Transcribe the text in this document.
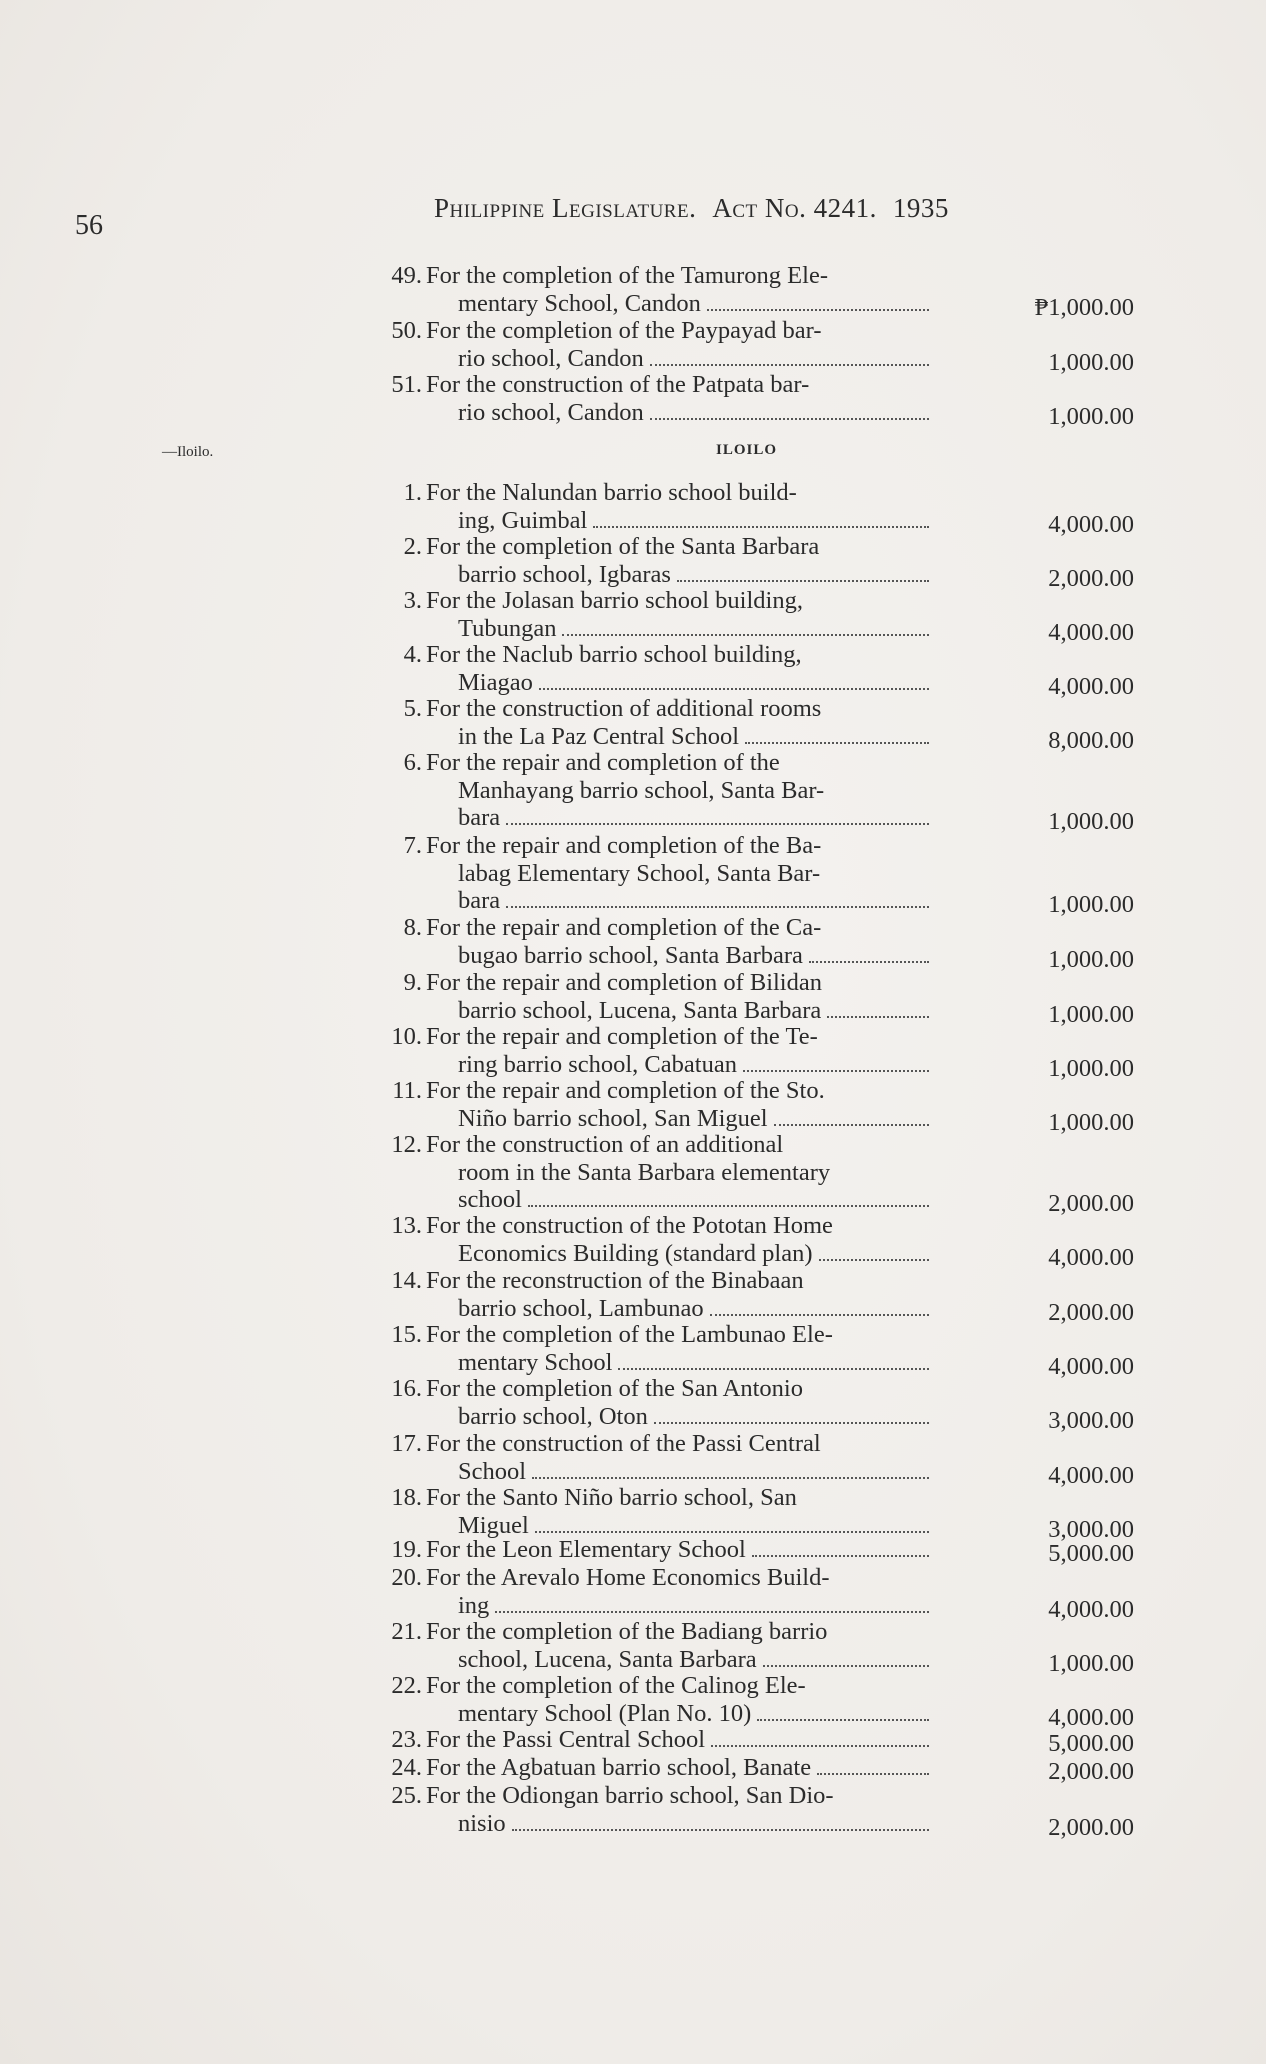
56
Philippine Legislature. Act No. 4241. 1935
—Iloilo.	ILOILO
49. For the completion of the Tamurong Ele-
mentary School, Candon	₱1,000.00
50. For the completion of the Paypayad bar-
rio school, Candon	1,000.00
51. For the construction of the Patpata bar-
rio school, Candon	1,000.00
1. For the Nalundan barrio school build-
ing, Guimbal	4,000.00
2. For the completion of the Santa Barbara
barrio school, Igbaras	2,000.00
3. For the Jolasan barrio school building,
Tubungan	4,000.00
4. For the Naclub barrio school building,
Miagao	4,000.00
5. For the construction of additional rooms
in the La Paz Central School	8,000.00
6. For the repair and completion of the
Manhayang barrio school, Santa Bar-
bara	1,000.00
7. For the repair and completion of the Ba-
labag Elementary School, Santa Bar-
bara	1,000.00
8. For the repair and completion of the Ca-
bugao barrio school, Santa Barbara	1,000.00
9. For the repair and completion of Bilidan
barrio school, Lucena, Santa Barbara	1,000.00
10. For the repair and completion of the Te-
ring barrio school, Cabatuan	1,000.00
11. For the repair and completion of the Sto.
Niño barrio school, San Miguel	1,000.00
12. For the construction of an additional
room in the Santa Barbara elementary
school	2,000.00
13. For the construction of the Pototan Home
Economics Building (standard plan)	4,000.00
14. For the reconstruction of the Binabaan
barrio school, Lambunao	2,000.00
15. For the completion of the Lambunao Ele-
mentary School	4,000.00
16. For the completion of the San Antonio
barrio school, Oton	3,000.00
17. For the construction of the Passi Central
School	4,000.00
18. For the Santo Niño barrio school, San
Miguel	3,000.00
19. For the Leon Elementary School	5,000.00
20. For the Arevalo Home Economics Build-
ing	4,000.00
21. For the completion of the Badiang barrio
school, Lucena, Santa Barbara	1,000.00
22. For the completion of the Calinog Ele-
mentary School (Plan No. 10)	4,000.00
23. For the Passi Central School	5,000.00
24. For the Agbatuan barrio school, Banate	2,000.00
25. For the Odiongan barrio school, San Dio-
nisio	2,000.00
